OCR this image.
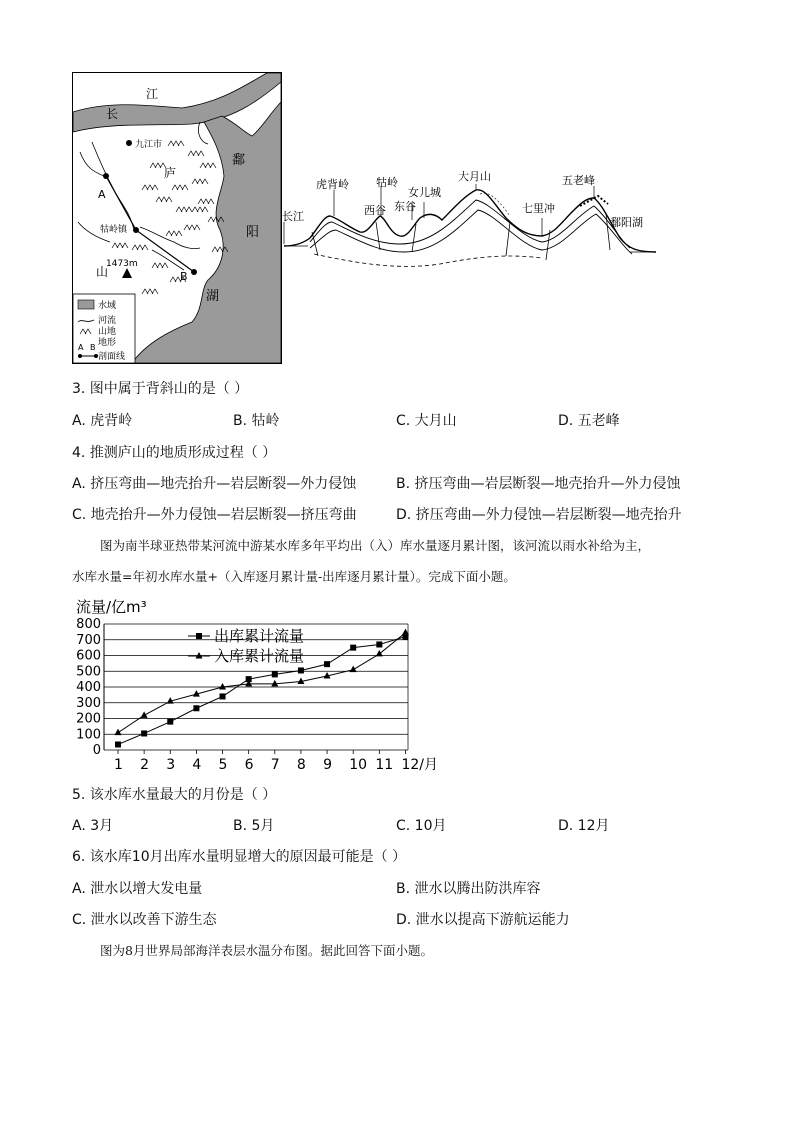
长
江
九江市
庐
山
A
B
牯岭镇
1473m
鄱
阳
湖
水域
河流
山地
地形
A B
剖面线
长江
虎背岭 牯岭
西谷 东谷
女儿城
大月山
七里冲
五老峰
鄱阳湖
3. 图中属于背斜山的是（ ）
A. 虎背岭	B. 牯岭	C. 大月山	D. 五老峰
4. 推测庐山的地质形成过程（ ）
A. 挤压弯曲—地壳抬升—岩层断裂—外力侵蚀	B. 挤压弯曲—岩层断裂—地壳抬升—外力侵蚀
C. 地壳抬升—外力侵蚀—岩层断裂—挤压弯曲	D. 挤压弯曲—外力侵蚀—岩层断裂—地壳抬升
图为南半球亚热带某河流中游某水库多年平均出（入）库水量逐月累计图，该河流以雨水补给为主，
水库水量=年初水库水量+（入库逐月累计量-出库逐月累计量）。完成下面小题。
流量/亿m³
0
100
200
300
400
500
600
700
800
1 2 3 4 5 6 7 8 9 10 11 12/月
出库累计流量
入库累计流量
5. 该水库水量最大的月份是（ ）
A. 3月	B. 5月	C. 10月	D. 12月
6. 该水库10月出库水量明显增大的原因最可能是（ ）
A. 泄水以增大发电量	B. 泄水以腾出防洪库容
C. 泄水以改善下游生态	D. 泄水以提高下游航运能力
图为8月世界局部海洋表层水温分布图。据此回答下面小题。
